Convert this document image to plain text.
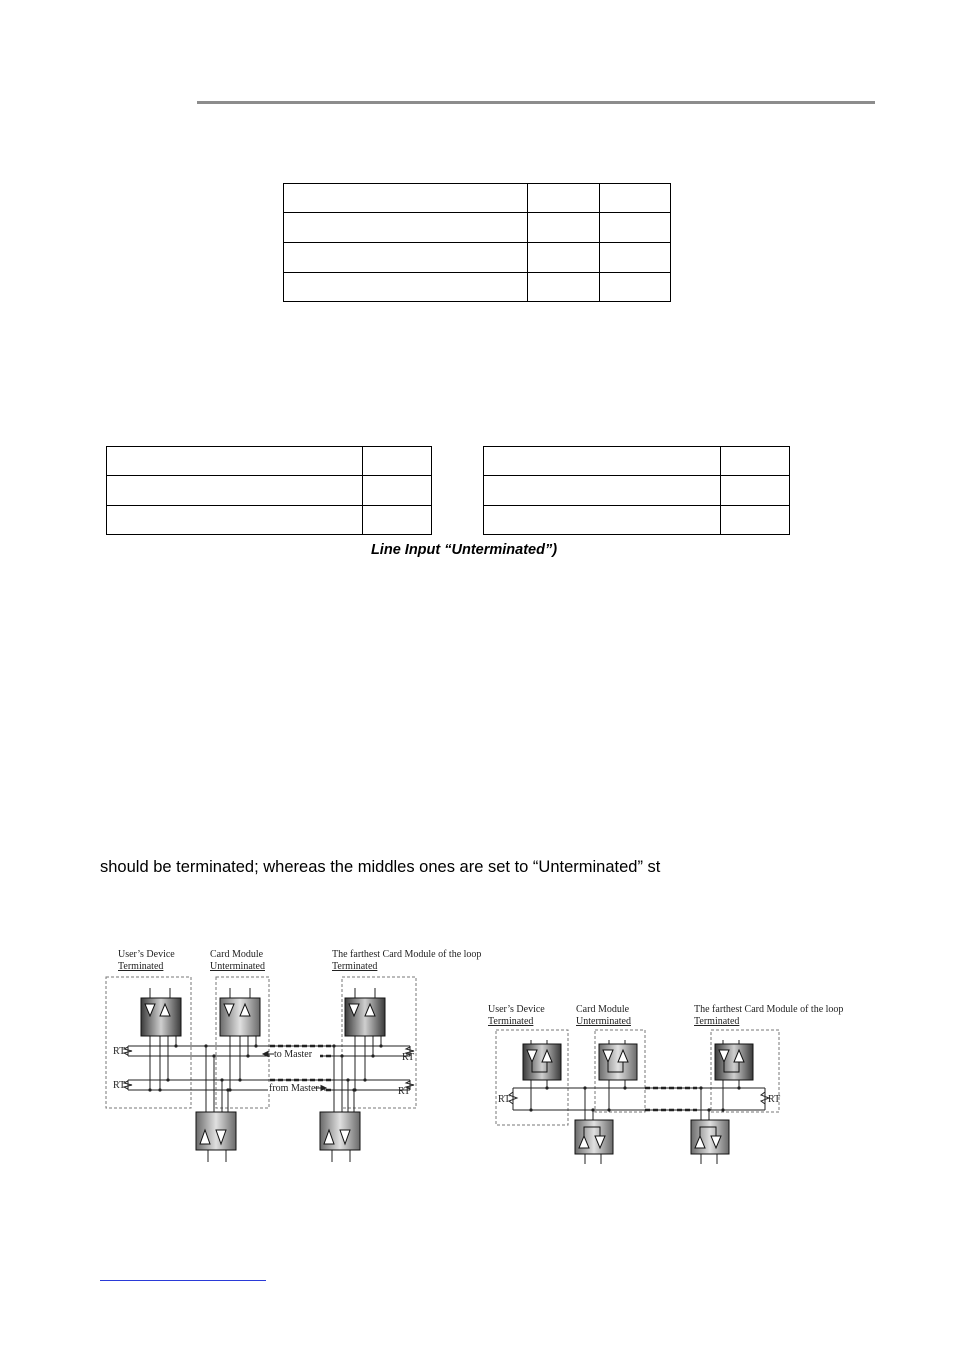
Line Input “Unterminated”)
should be terminated; whereas the middles ones are set to “Unterminated” st
User’s Device
Terminated
Card Module
Unterminated
The farthest Card Module of the loop
Terminated
RT
RT
RT
RT
to Master
from Master
User’s Device
Terminated
Card Module
Unterminated
The farthest Card Module of the loop
Terminated
RT	RT
